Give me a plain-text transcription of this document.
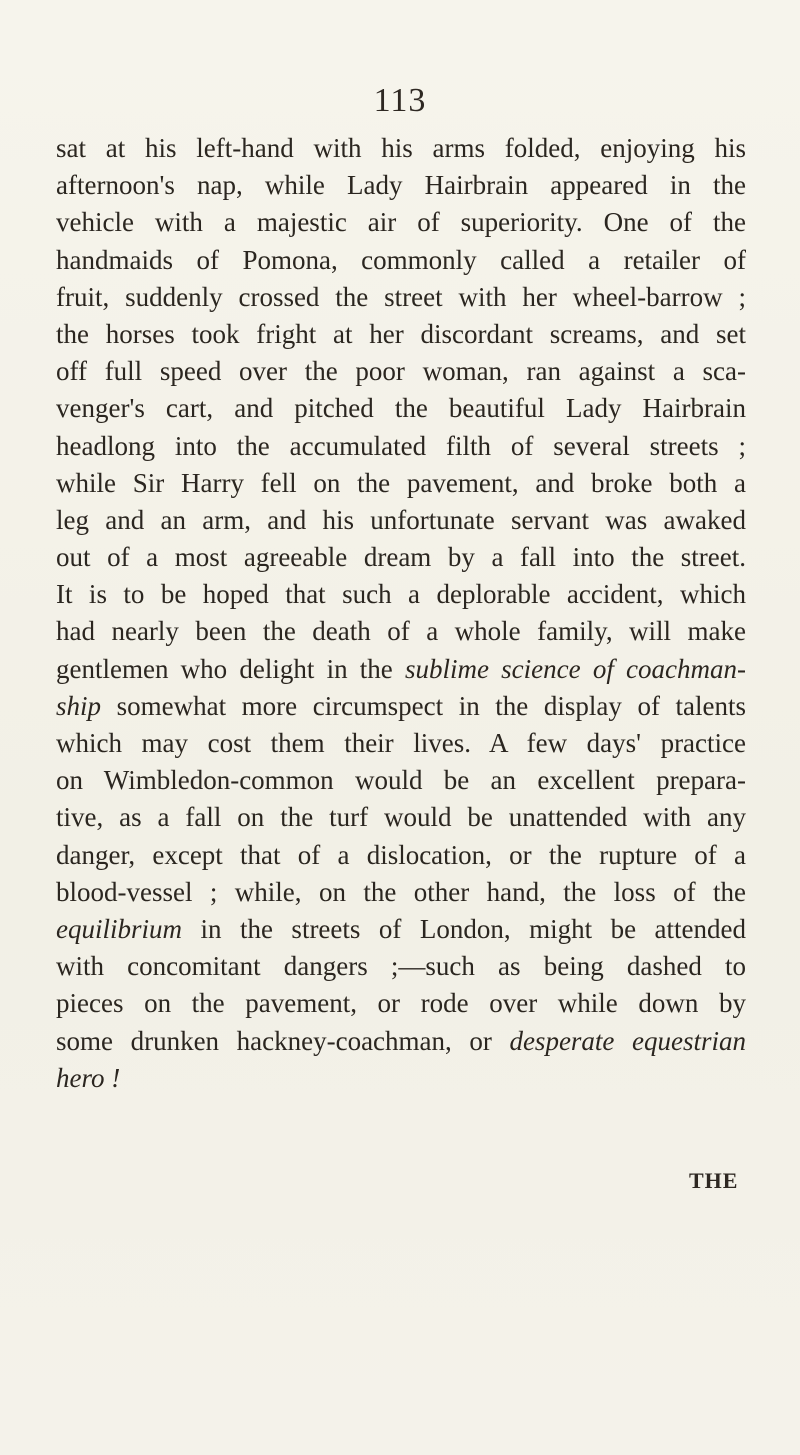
113
sat at his left-hand with his arms folded, enjoying his
afternoon's nap, while Lady Hairbrain appeared in the
vehicle with a majestic air of superiority. One of the
handmaids of Pomona, commonly called a retailer of
fruit, suddenly crossed the street with her wheel-barrow ;
the horses took fright at her discordant screams, and set
off full speed over the poor woman, ran against a sca-
venger's cart, and pitched the beautiful Lady Hairbrain
headlong into the accumulated filth of several streets ;
while Sir Harry fell on the pavement, and broke both a
leg and an arm, and his unfortunate servant was awaked
out of a most agreeable dream by a fall into the street.
It is to be hoped that such a deplorable accident, which
had nearly been the death of a whole family, will make
gentlemen who delight in the sublime science of coachman-
ship somewhat more circumspect in the display of talents
which may cost them their lives. A few days' practice
on Wimbledon-common would be an excellent prepara-
tive, as a fall on the turf would be unattended with any
danger, except that of a dislocation, or the rupture of a
blood-vessel ; while, on the other hand, the loss of the
equilibrium in the streets of London, might be attended
with concomitant dangers ;—such as being dashed to
pieces on the pavement, or rode over while down by
some drunken hackney-coachman, or desperate equestrian
hero !
THE
